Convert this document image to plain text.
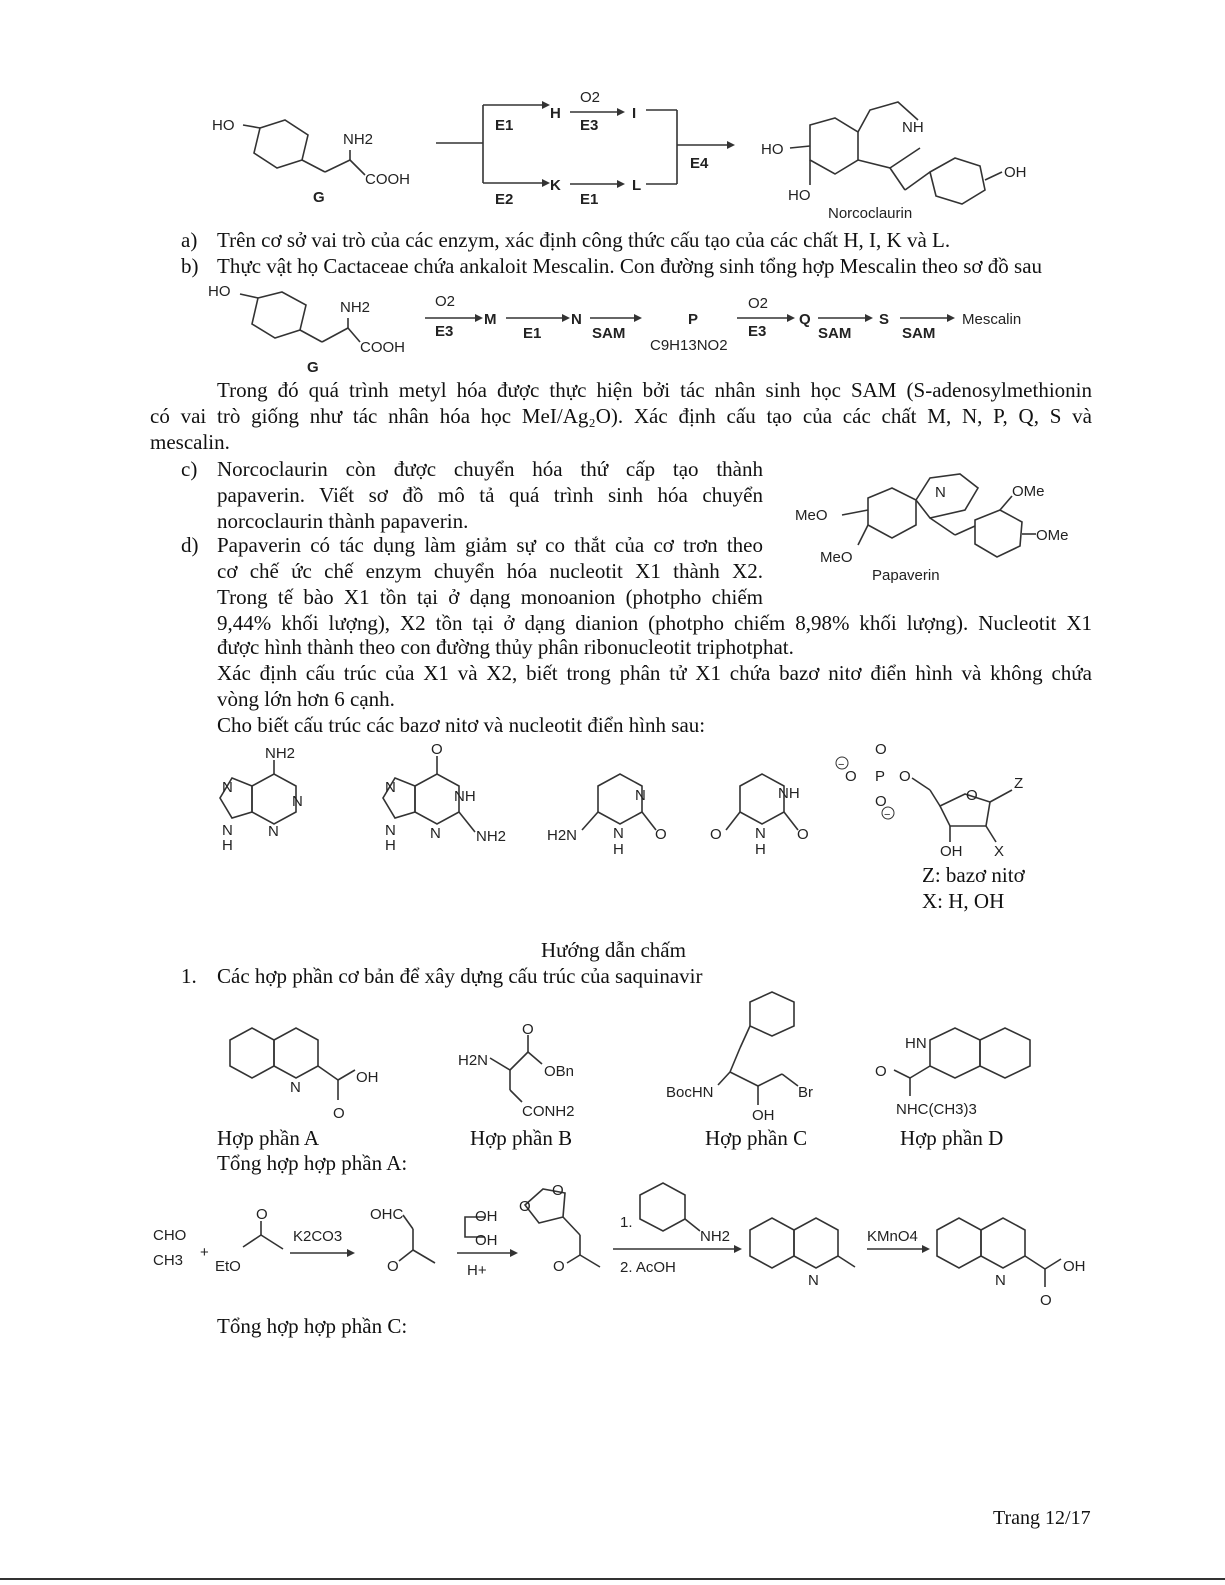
HO
NH2
COOH
G
E1
E2
H
K
O2
E3
E1
I
L
E4
NH
OH
HO
HO
Norcoclaurin
a) Trên cơ sở vai trò của các enzym, xác định công thức cấu tạo của các chất H, I, K và L.
b) Thực vật họ Cactaceae chứa ankaloit Mescalin. Con đường sinh tổng hợp Mescalin theo sơ đồ sau
HO
NH2
COOH
G
O2
E3
M
E1
N
SAM
P
C9H13NO2
O2
E3
Q
SAM
S
SAM
Mescalin
Trong đó quá trình metyl hóa được thực hiện bởi tác nhân sinh học SAM (S-adenosylmethionin
có vai trò giống như tác nhân hóa học MeI/Ag₂O). Xác định cấu tạo của các chất M, N, P, Q, S và
mescalin.
c) Norcoclaurin còn được chuyển hóa thứ cấp tạo thành
papaverin. Viết sơ đồ mô tả quá trình sinh hóa chuyển
norcoclaurin thành papaverin.
d) Papaverin có tác dụng làm giảm sự co thắt của cơ trơn theo
cơ chế ức chế enzym chuyển hóa nucleotit X1 thành X2.
Trong tế bào X1 tồn tại ở dạng monoanion (photpho chiếm
9,44% khối lượng), X2 tồn tại ở dạng dianion (photpho chiếm 8,98% khối lượng). Nucleotit X1
được hình thành theo con đường thủy phân ribonucleotit triphotphat.
Xác định cấu trúc của X1 và X2, biết trong phân tử X1 chứa bazơ nitơ điển hình và không chứa
vòng lớn hơn 6 cạnh.
Cho biết cấu trúc các bazơ nitơ và nucleotit điển hình sau:
N	OMe
OMe
MeO
MeO
Papaverin
NH2
N
N
N
N
H
O
NH
NH2
N
N
N
H
N
O
H2N N
H
NH
O
O N
H
−
O
O P O
O
−
O
Z
OH X
Z: bazơ nitơ
X: H, OH
Hướng dẫn chấm
1. Các hợp phần cơ bản để xây dựng cấu trúc của saquinavir
N
OH
O
H2N
O
OBn
CONH2
BocHN
OH
Br
HN
O
NHC(CH3)3
Hợp phần A	Hợp phần B	Hợp phần C	Hợp phần D
Tổng hợp hợp phần A:
CHO
CH3 +
O
EtO
K2CO3
OHC
O
OH
OH
H+
O
O
O
1.
NH2
2. AcOH
N
KMnO4
N
OH
O
Tổng hợp hợp phần C:
Trang 12/17
